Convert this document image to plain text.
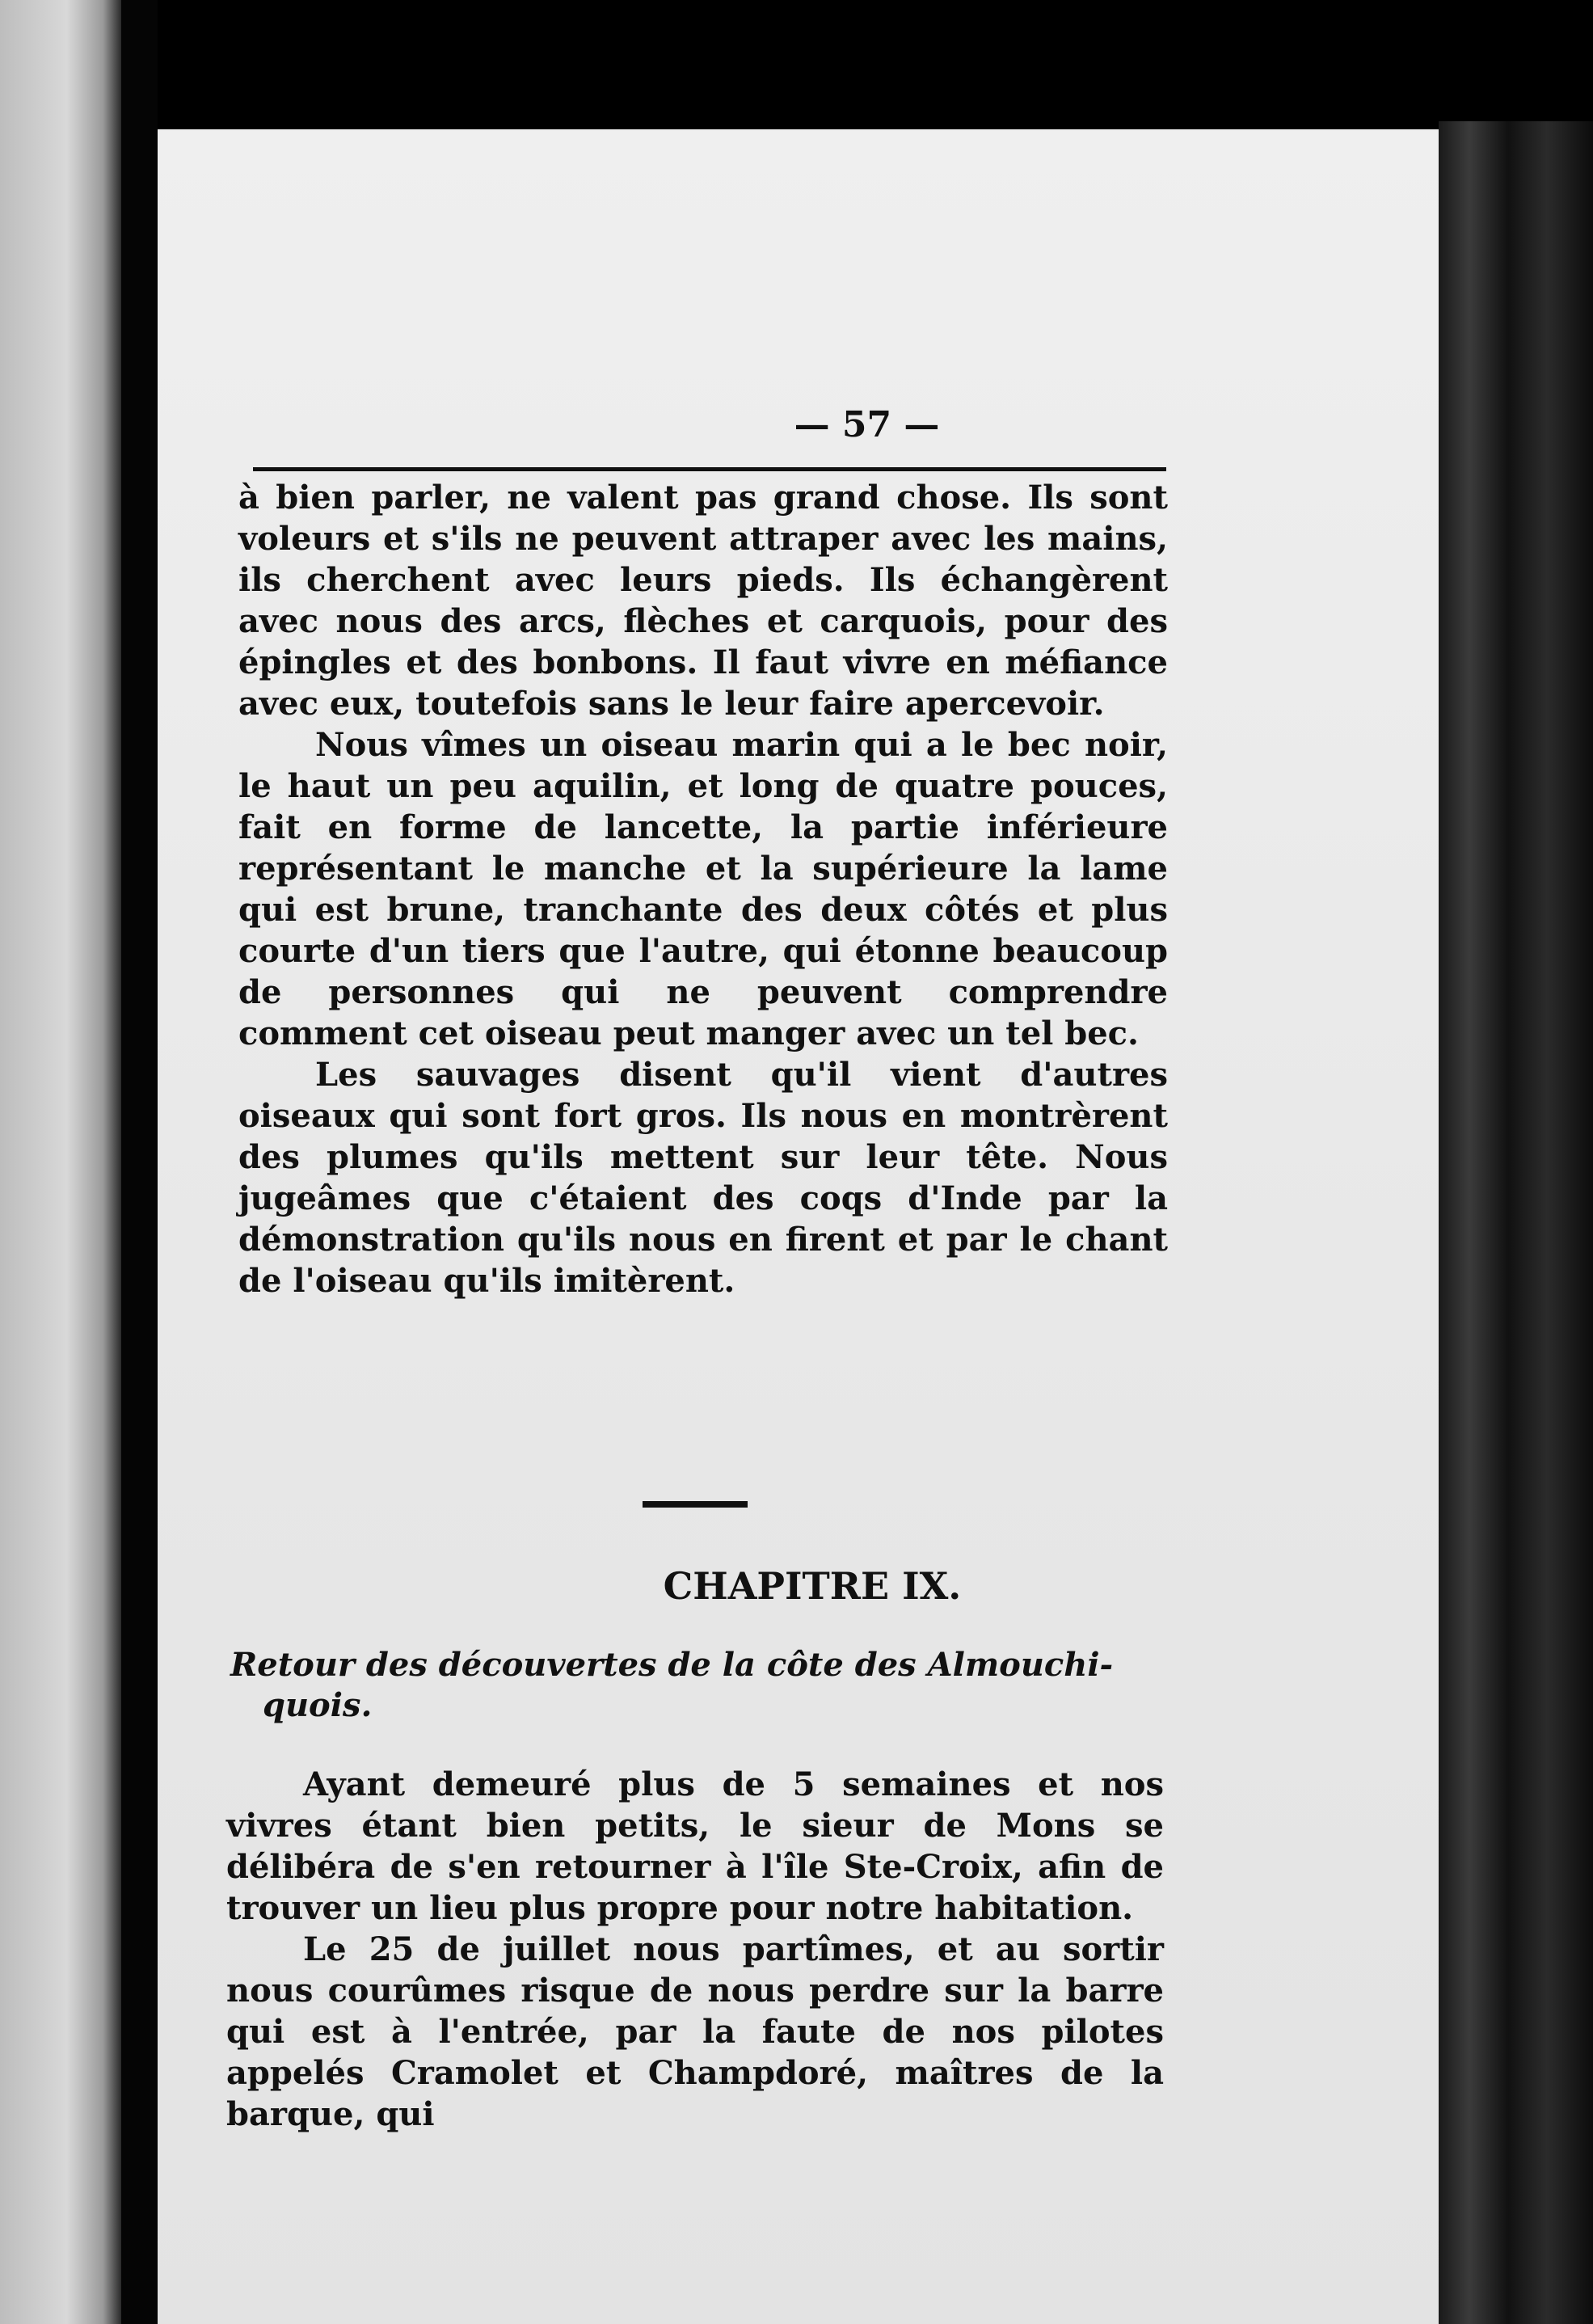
— 57 —

à bien parler, ne valent pas grand chose. Ils sont voleurs et s'ils ne peuvent attraper avec les mains, ils cherchent avec leurs pieds. Ils échangèrent avec nous des arcs, flèches et carquois, pour des épingles et des bonbons. Il faut vivre en méfiance avec eux, toutefois sans le leur faire apercevoir.

Nous vîmes un oiseau marin qui a le bec noir, le haut un peu aquilin, et long de quatre pouces, fait en forme de lancette, la partie inférieure représentant le manche et la supérieure la lame qui est brune, tranchante des deux côtés et plus courte d'un tiers que l'autre, qui étonne beaucoup de personnes qui ne peuvent comprendre comment cet oiseau peut manger avec un tel bec.

Les sauvages disent qu'il vient d'autres oiseaux qui sont fort gros. Ils nous en montrèrent des plumes qu'ils mettent sur leur tête. Nous jugeâmes que c'étaient des coqs d'Inde par la démonstration qu'ils nous en firent et par le chant de l'oiseau qu'ils imitèrent.

CHAPITRE IX.
Retour des découvertes de la côte des Almouchi-
quois.

Ayant demeuré plus de 5 semaines et nos vivres étant bien petits, le sieur de Mons se délibéra de s'en retourner à l'île Ste-Croix, afin de trouver un lieu plus propre pour notre habitation.

Le 25 de juillet nous partîmes, et au sortir nous courûmes risque de nous perdre sur la barre qui est à l'entrée, par la faute de nos pilotes appelés Cramolet et Champdoré, maîtres de la barque, qui
